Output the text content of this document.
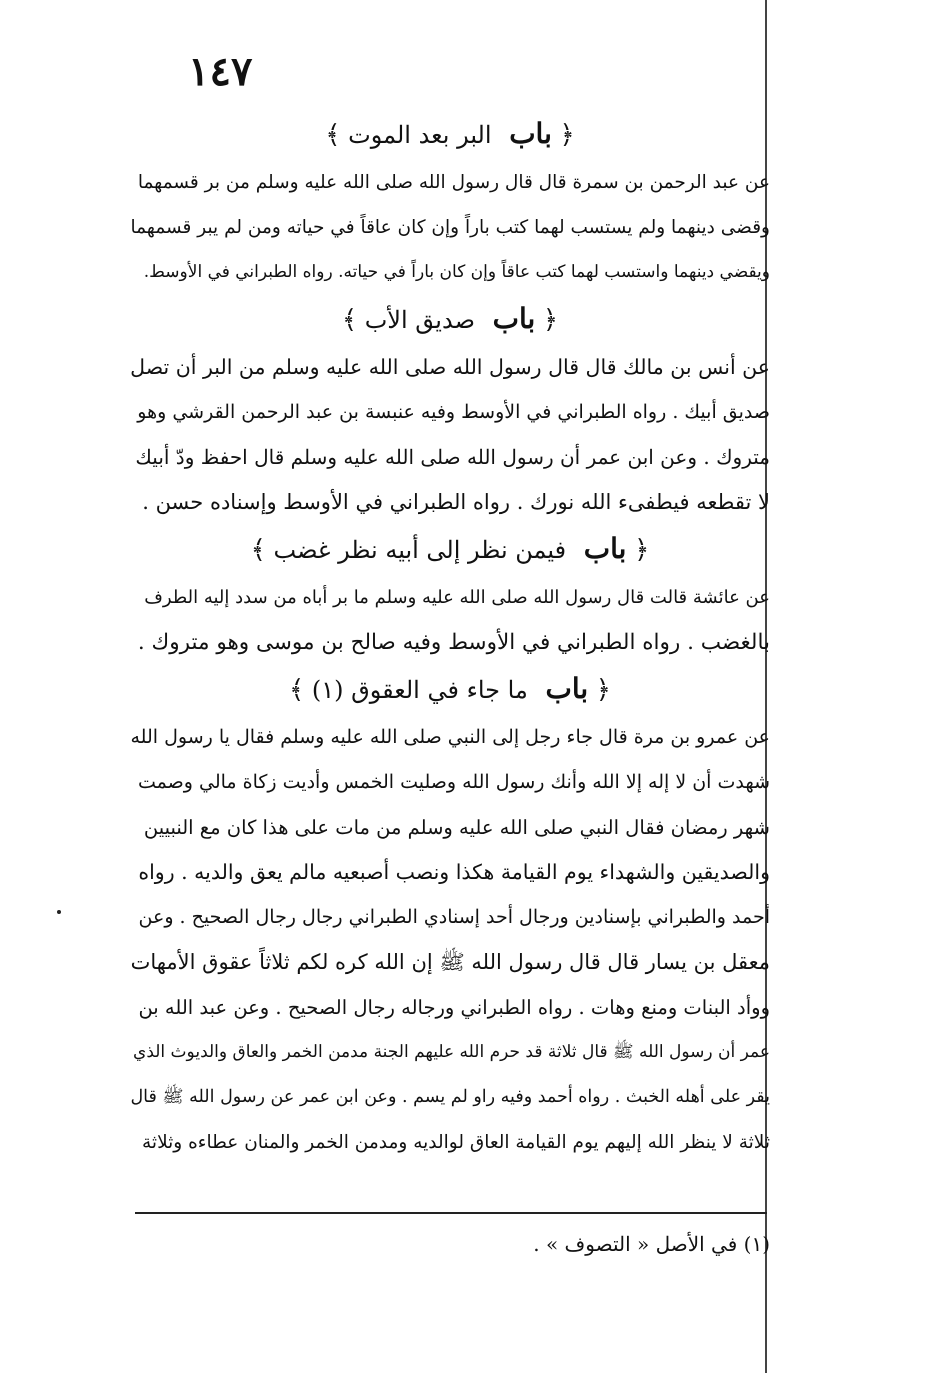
١٤٧
﴿ باب البر بعد الموت ﴾

عن عبد الرحمن بن سمرة قال قال رسول الله صلى الله عليه وسلم من بر قسمهما

وقضى دينهما ولم يستسب لهما كتب باراً وإن كان عاقاً في حياته ومن لم يبر قسمهما

ويقضي دينهما واستسب لهما كتب عاقاً وإن كان باراً في حياته. رواه الطبراني في الأوسط.

﴿ باب صديق الأب ﴾

عن أنس بن مالك قال قال رسول الله صلى الله عليه وسلم من البر أن تصل

صديق أبيك . رواه الطبراني في الأوسط وفيه عنبسة بن عبد الرحمن القرشي وهو

متروك . وعن ابن عمر أن رسول الله صلى الله عليه وسلم قال احفظ ودّ أبيك

لا تقطعه فيطفىء الله نورك . رواه الطبراني في الأوسط وإسناده حسن .

﴿ باب فيمن نظر إلى أبيه نظر غضب ﴾

عن عائشة قالت قال رسول الله صلى الله عليه وسلم ما بر أباه من سدد إليه الطرف

بالغضب . رواه الطبراني في الأوسط وفيه صالح بن موسى وهو متروك .

﴿ باب ما جاء في العقوق (١) ﴾

عن عمرو بن مرة قال جاء رجل إلى النبي صلى الله عليه وسلم فقال يا رسول الله

شهدت أن لا إله إلا الله وأنك رسول الله وصليت الخمس وأديت زكاة مالي وصمت

شهر رمضان فقال النبي صلى الله عليه وسلم من مات على هذا كان مع النبيين

والصديقين والشهداء يوم القيامة هكذا ونصب أصبعيه مالم يعق والديه . رواه

أحمد والطبراني بإسنادين ورجال أحد إسنادي الطبراني رجال رجال الصحيح . وعن

معقل بن يسار قال قال رسول الله ﷺ إن الله كره لكم ثلاثاً عقوق الأمهات

ووأد البنات ومنع وهات . رواه الطبراني ورجاله رجال الصحيح . وعن عبد الله بن

عمر أن رسول الله ﷺ قال ثلاثة قد حرم الله عليهم الجنة مدمن الخمر والعاق والديوث الذي

يقر على أهله الخبث . رواه أحمد وفيه راو لم يسم . وعن ابن عمر عن رسول الله ﷺ قال

ثلاثة لا ينظر الله إليهم يوم القيامة العاق لوالديه ومدمن الخمر والمنان عطاءه وثلاثة

(١) في الأصل « التصوف » .
